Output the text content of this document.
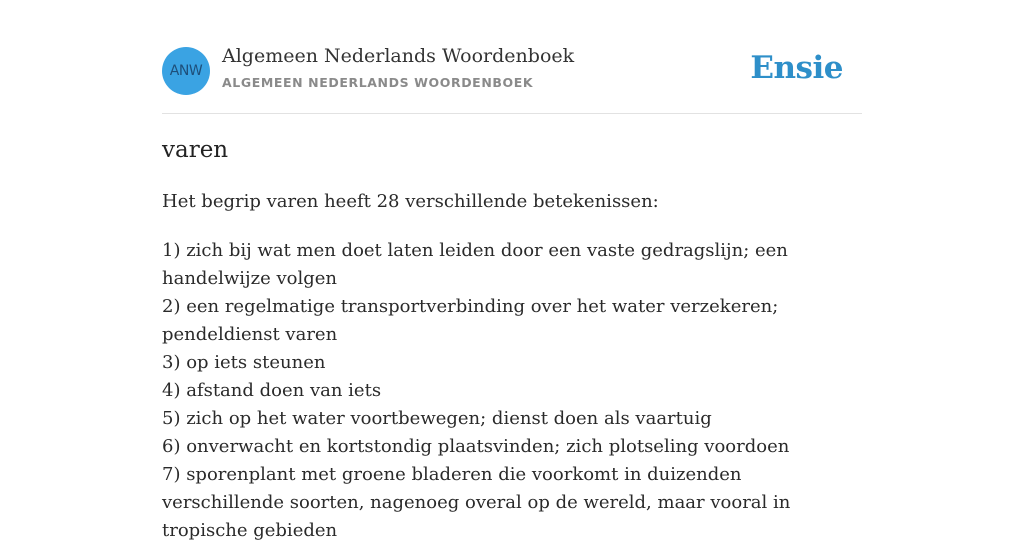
ANW
Algemeen Nederlands Woordenboek
ALGEMEEN NEDERLANDS WOORDENBOEK	Ensie
varen

Het begrip varen heeft 28 verschillende betekenissen:

1) zich bij wat men doet laten leiden door een vaste gedragslijn; een handelwijze volgen
2) een regelmatige transportverbinding over het water verzekeren; pendeldienst varen
3) op iets steunen
4) afstand doen van iets
5) zich op het water voortbewegen; dienst doen als vaartuig
6) onverwacht en kortstondig plaatsvinden; zich plotseling voordoen
7) sporenplant met groene bladeren die voorkomt in duizenden verschillende soorten, nagenoeg overal op de wereld, maar vooral in tropische gebieden
